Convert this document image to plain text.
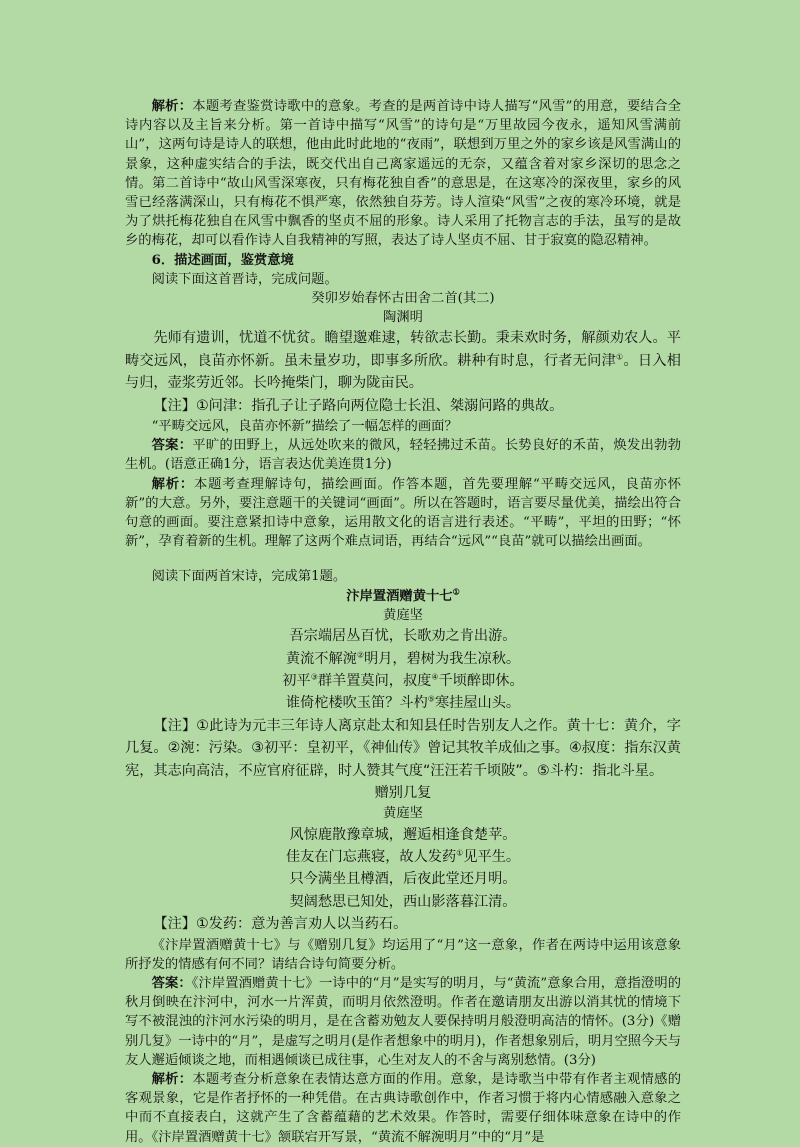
解析：本题考查鉴赏诗歌中的意象。考查的是两首诗中诗人描写“风雪”的用意，要结合全诗内容以及主旨来分析。第一首诗中描写“风雪”的诗句是“万里故园今夜永，遥知风雪满前山”，这两句诗是诗人的联想，他由此时此地的“夜雨”，联想到万里之外的家乡该是风雪满山的景象，这种虚实结合的手法，既交代出自己离家遥远的无奈，又蕴含着对家乡深切的思念之情。第二首诗中“故山风雪深寒夜，只有梅花独自香”的意思是，在这寒冷的深夜里，家乡的风雪已经落满深山，只有梅花不惧严寒，依然独自芬芳。诗人渲染“风雪”之夜的寒冷环境，就是为了烘托梅花独自在风雪中飘香的坚贞不屈的形象。诗人采用了托物言志的手法，虽写的是故乡的梅花，却可以看作诗人自我精神的写照，表达了诗人坚贞不屈、甘于寂寞的隐忍精神。

6．描述画面，鉴赏意境

阅读下面这首晋诗，完成问题。

癸卯岁始春怀古田舍二首(其二)

陶渊明

先师有遗训，忧道不忧贫。瞻望邈难逮，转欲志长勤。秉耒欢时务，解颜劝农人。平畴交远风，良苗亦怀新。虽未量岁功，即事多所欣。耕种有时息，行者无问津①。日入相与归，壶浆劳近邻。长吟掩柴门，聊为陇亩民。

【注】①问津：指孔子让子路向两位隐士长沮、桀溺问路的典故。

“平畴交远风，良苗亦怀新”描绘了一幅怎样的画面？

答案：平旷的田野上，从远处吹来的微风，轻轻拂过禾苗。长势良好的禾苗，焕发出勃勃生机。(语意正确1分，语言表达优美连贯1分)

解析：本题考查理解诗句，描绘画面。作答本题，首先要理解“平畴交远风，良苗亦怀新”的大意。另外，要注意题干的关键词“画面”。所以在答题时，语言要尽量优美，描绘出符合句意的画面。要注意紧扣诗中意象，运用散文化的语言进行表述。“平畴”，平坦的田野；“怀新”，孕育着新的生机。理解了这两个难点词语，再结合“远风”“良苗”就可以描绘出画面。

阅读下面两首宋诗，完成第1题。

汴岸置酒赠黄十七①

黄庭坚

吾宗端居丛百忧，长歌劝之肯出游。

黄流不解涴②明月，碧树为我生凉秋。

初平③群羊置莫问，叔度④千顷醉即休。

谁倚柁楼吹玉笛？斗杓⑤寒挂屋山头。

【注】①此诗为元丰三年诗人离京赴太和知县任时告别友人之作。黄十七：黄介，字几复。②涴：污染。③初平：皇初平，《神仙传》曾记其牧羊成仙之事。④叔度：指东汉黄宪，其志向高洁，不应官府征辟，时人赞其气度“汪汪若千顷陂”。⑤斗杓：指北斗星。

赠别几复

黄庭坚

风惊鹿散豫章城，邂逅相逢食楚苹。

佳友在门忘燕寝，故人发药①见平生。

只今满坐且樽酒，后夜此堂还月明。

契阔愁思已知处，西山影落暮江清。

【注】①发药：意为善言劝人以当药石。

《汴岸置酒赠黄十七》与《赠别几复》均运用了“月”这一意象，作者在两诗中运用该意象所抒发的情感有何不同？请结合诗句简要分析。

答案：《汴岸置酒赠黄十七》一诗中的“月”是实写的明月，与“黄流”意象合用，意指澄明的秋月倒映在汴河中，河水一片浑黄，而明月依然澄明。作者在邀请朋友出游以消其忧的情境下写不被混浊的汴河水污染的明月，是在含蓄劝勉友人要保持明月般澄明高洁的情怀。(3分)《赠别几复》一诗中的“月”，是虚写之明月(是作者想象中的明月)，作者想象别后，明月空照今天与友人邂逅倾谈之地，而相遇倾谈已成往事，心生对友人的不舍与离别愁情。(3分)

解析：本题考查分析意象在表情达意方面的作用。意象，是诗歌当中带有作者主观情感的客观景象，它是作者抒怀的一种凭借。在古典诗歌创作中，作者习惯于将内心情感融入意象之中而不直接表白，这就产生了含蓄蕴藉的艺术效果。作答时，需要仔细体味意象在诗中的作用。《汴岸置酒赠黄十七》颔联宕开写景，“黄流不解涴明月”中的“月”是
